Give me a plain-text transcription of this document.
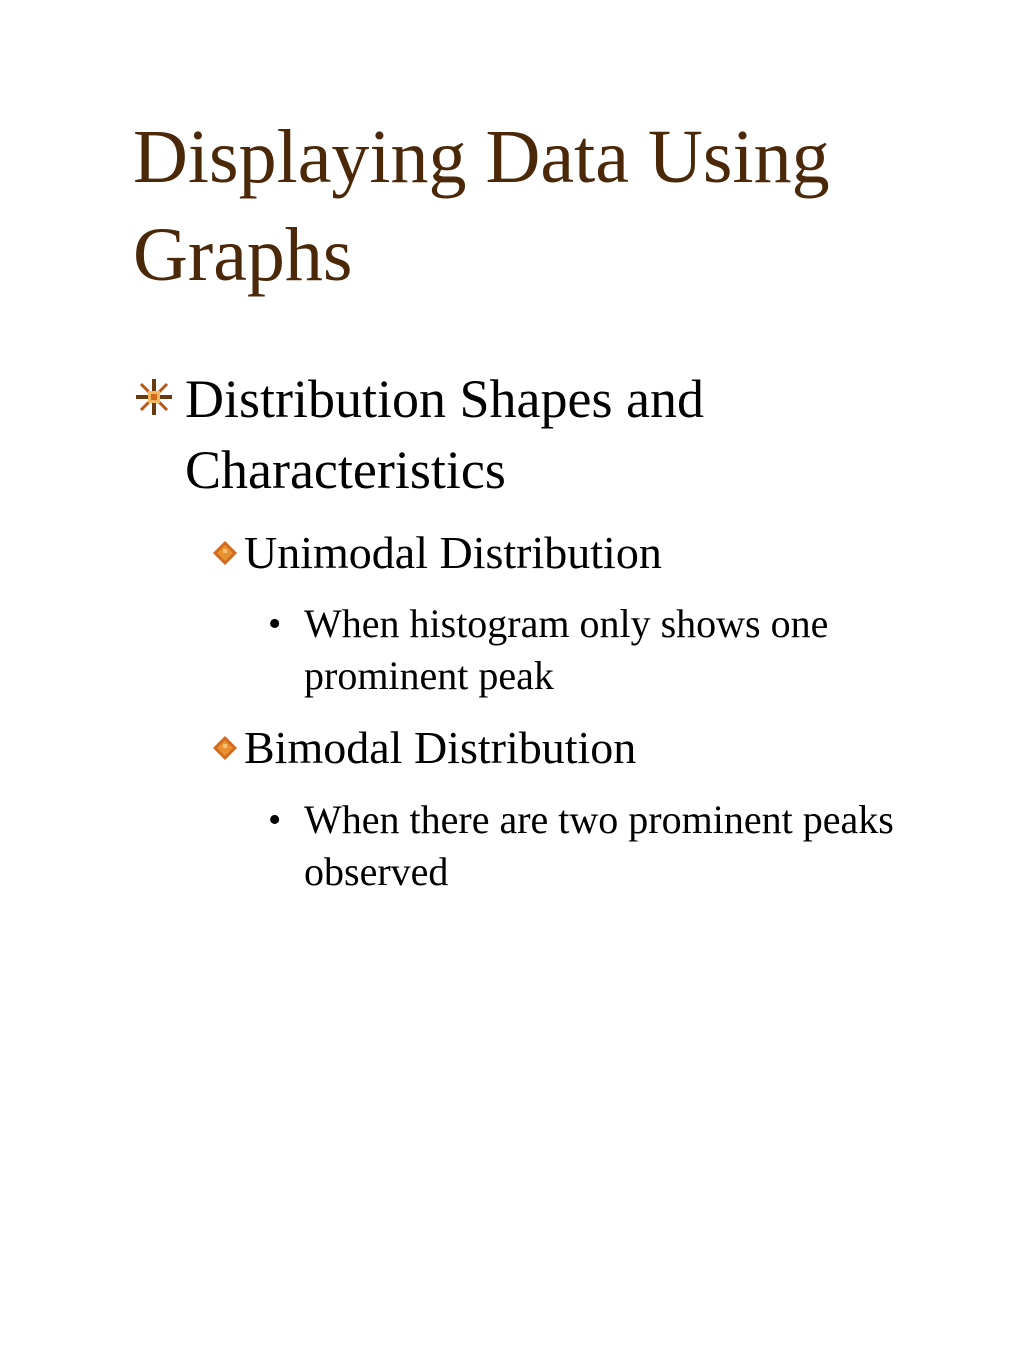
Displaying Data Using Graphs
Distribution Shapes and Characteristics
Unimodal Distribution
• When histogram only shows one prominent peak
Bimodal Distribution
• When there are two prominent peaks observed
